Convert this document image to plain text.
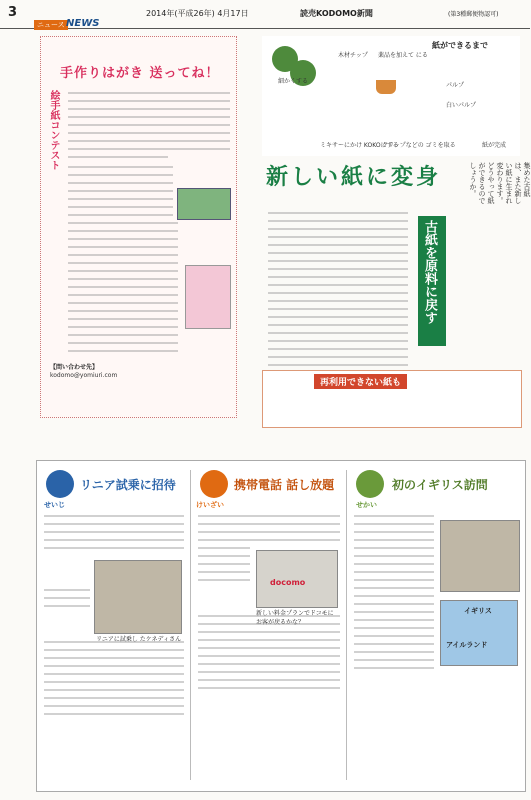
3	2014年(平成26年) 4月17日	読売KODOMO新聞	(第3種郵便物認可)
ニュース NEWS
手作りはがき 送ってね！
絵手紙コンテスト
【問い合わせ先】
kodomo@yomiuri.com
紙ができるまで
細かくする
木材チップ 薬品を加えて にる
パルプ
紙が完成
ミキサーにかけ KOKOにする
クリップなどの ゴミを取る
白いパルプ
新しい紙に変身	集めた古紙は、また新しい紙に生まれ変わります。どうやって紙ができるのでしょうか。
古紙を原料に戻す
再利用できない紙も
せいじ
リニア試乗に招待
リニアに試乗し たケネディさん
けいざい
携帯電話 話し放題
docomo
新しい料金プランでドコモにお客が戻るかな？
せかい
初のイギリス訪問
イギリス
アイルランド
